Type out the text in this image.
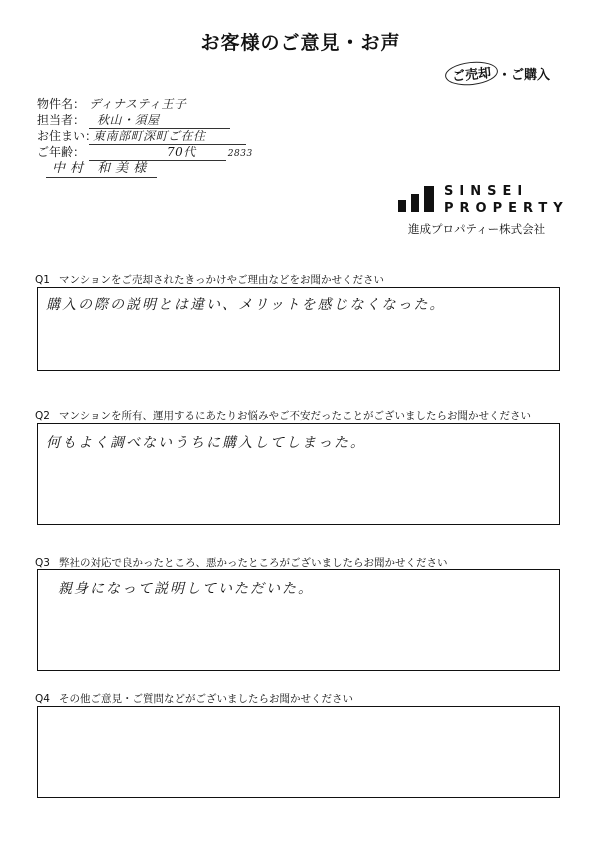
お客様のご意見・お声
ご売却 ・ご購入
物件名： ディナスティ王子
担当者： 秋山・須屋
お住まい：
東南部町深町ご在住
ご年齢：	70代	2833
中村 和美様
SINSEI
PROPERTY
進成プロパティー株式会社
Q1 マンションをご売却されたきっかけやご理由などをお聞かせください
購入の際の説明とは違い、メリットを感じなくなった。
Q2 マンションを所有、運用するにあたりお悩みやご不安だったことがございましたらお聞かせください
何もよく調べないうちに購入してしまった。
Q3 弊社の対応で良かったところ、悪かったところがございましたらお聞かせください
親身になって説明していただいた。
Q4 その他ご意見・ご質問などがございましたらお聞かせください
